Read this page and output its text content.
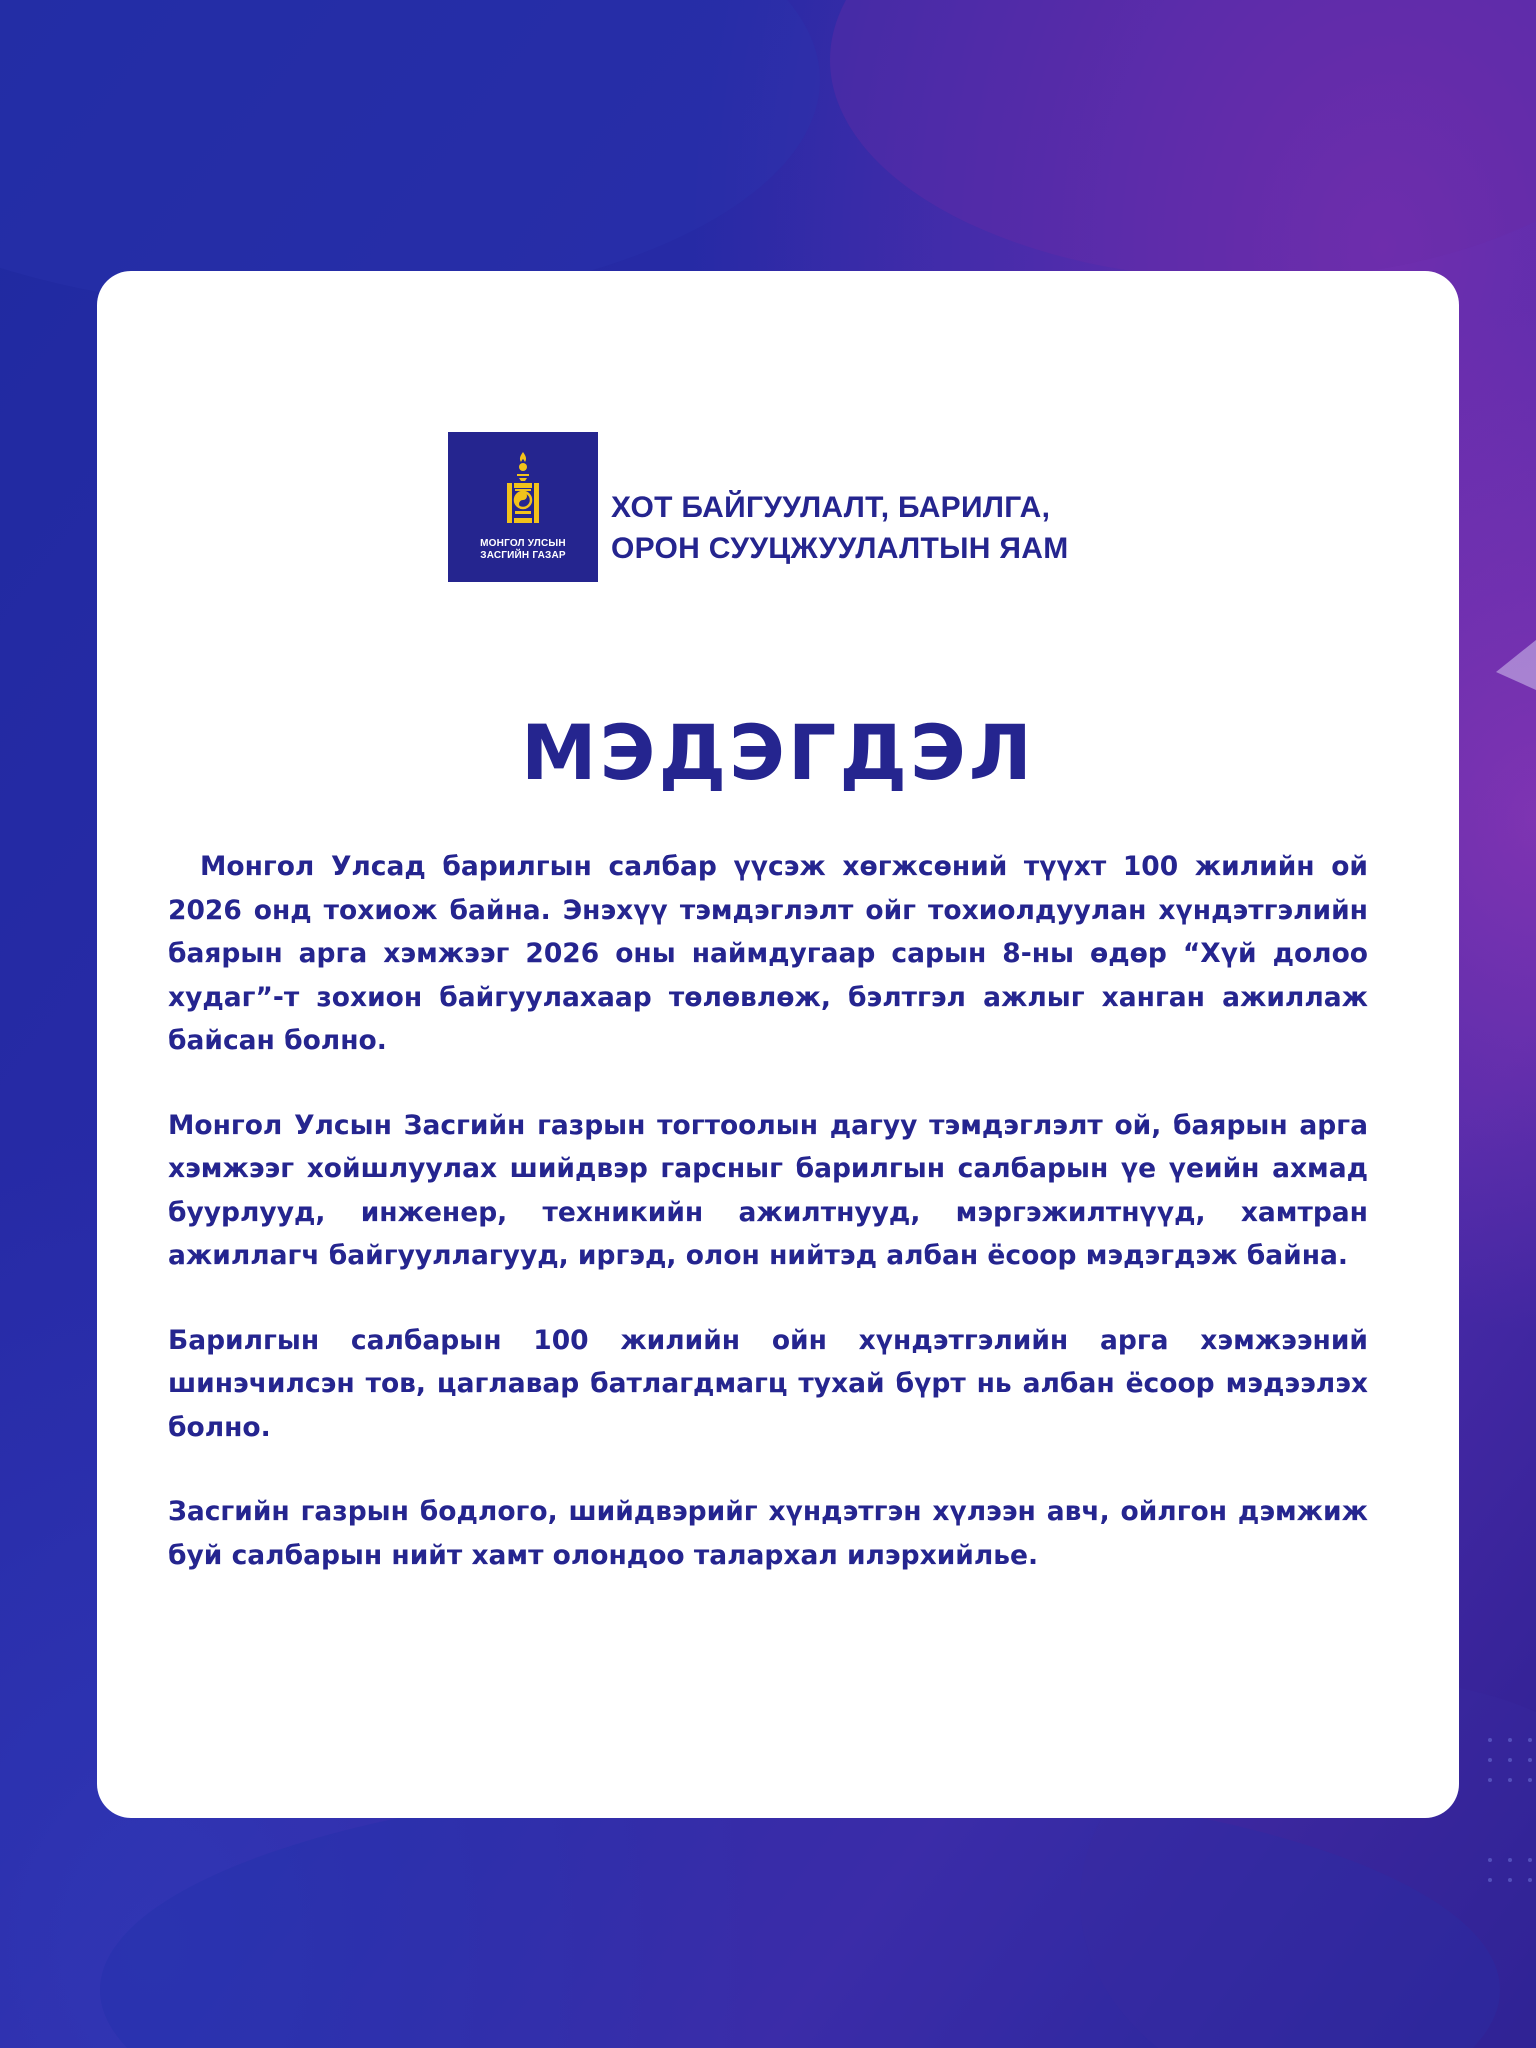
МОНГОЛ УЛСЫН
ЗАСГИЙН ГАЗАР
ХОТ БАЙГУУЛАЛТ, БАРИЛГА,
ОРОН СУУЦЖУУЛАЛТЫН ЯАМ
МЭДЭГДЭЛ

Монгол Улсад барилгын салбар үүсэж хөгжсөний түүхт 100 жилийн ой 2026 онд тохиож байна. Энэхүү тэмдэглэлт ойг тохиолдуулан хүндэтгэлийн баярын арга хэмжээг 2026 оны наймдугаар сарын 8-ны өдөр “Хүй долоо худаг”-т зохион байгуулахаар төлөвлөж, бэлтгэл ажлыг ханган ажиллаж байсан болно.

Монгол Улсын Засгийн газрын тогтоолын дагуу тэмдэглэлт ой, баярын арга хэмжээг хойшлуулах шийдвэр гарсныг барилгын салбарын үе үеийн ахмад буурлууд, инженер, техникийн ажилтнууд, мэргэжилтнүүд, хамтран ажиллагч байгууллагууд, иргэд, олон нийтэд албан ёсоор мэдэгдэж байна.

Барилгын салбарын 100 жилийн ойн хүндэтгэлийн арга хэмжээний шинэчилсэн тов, цаглавар батлагдмагц тухай бүрт нь албан ёсоор мэдээлэх болно.

Засгийн газрын бодлого, шийдвэрийг хүндэтгэн хүлээн авч, ойлгон дэмжиж буй салбарын нийт хамт олондоо талархал илэрхийлье.
